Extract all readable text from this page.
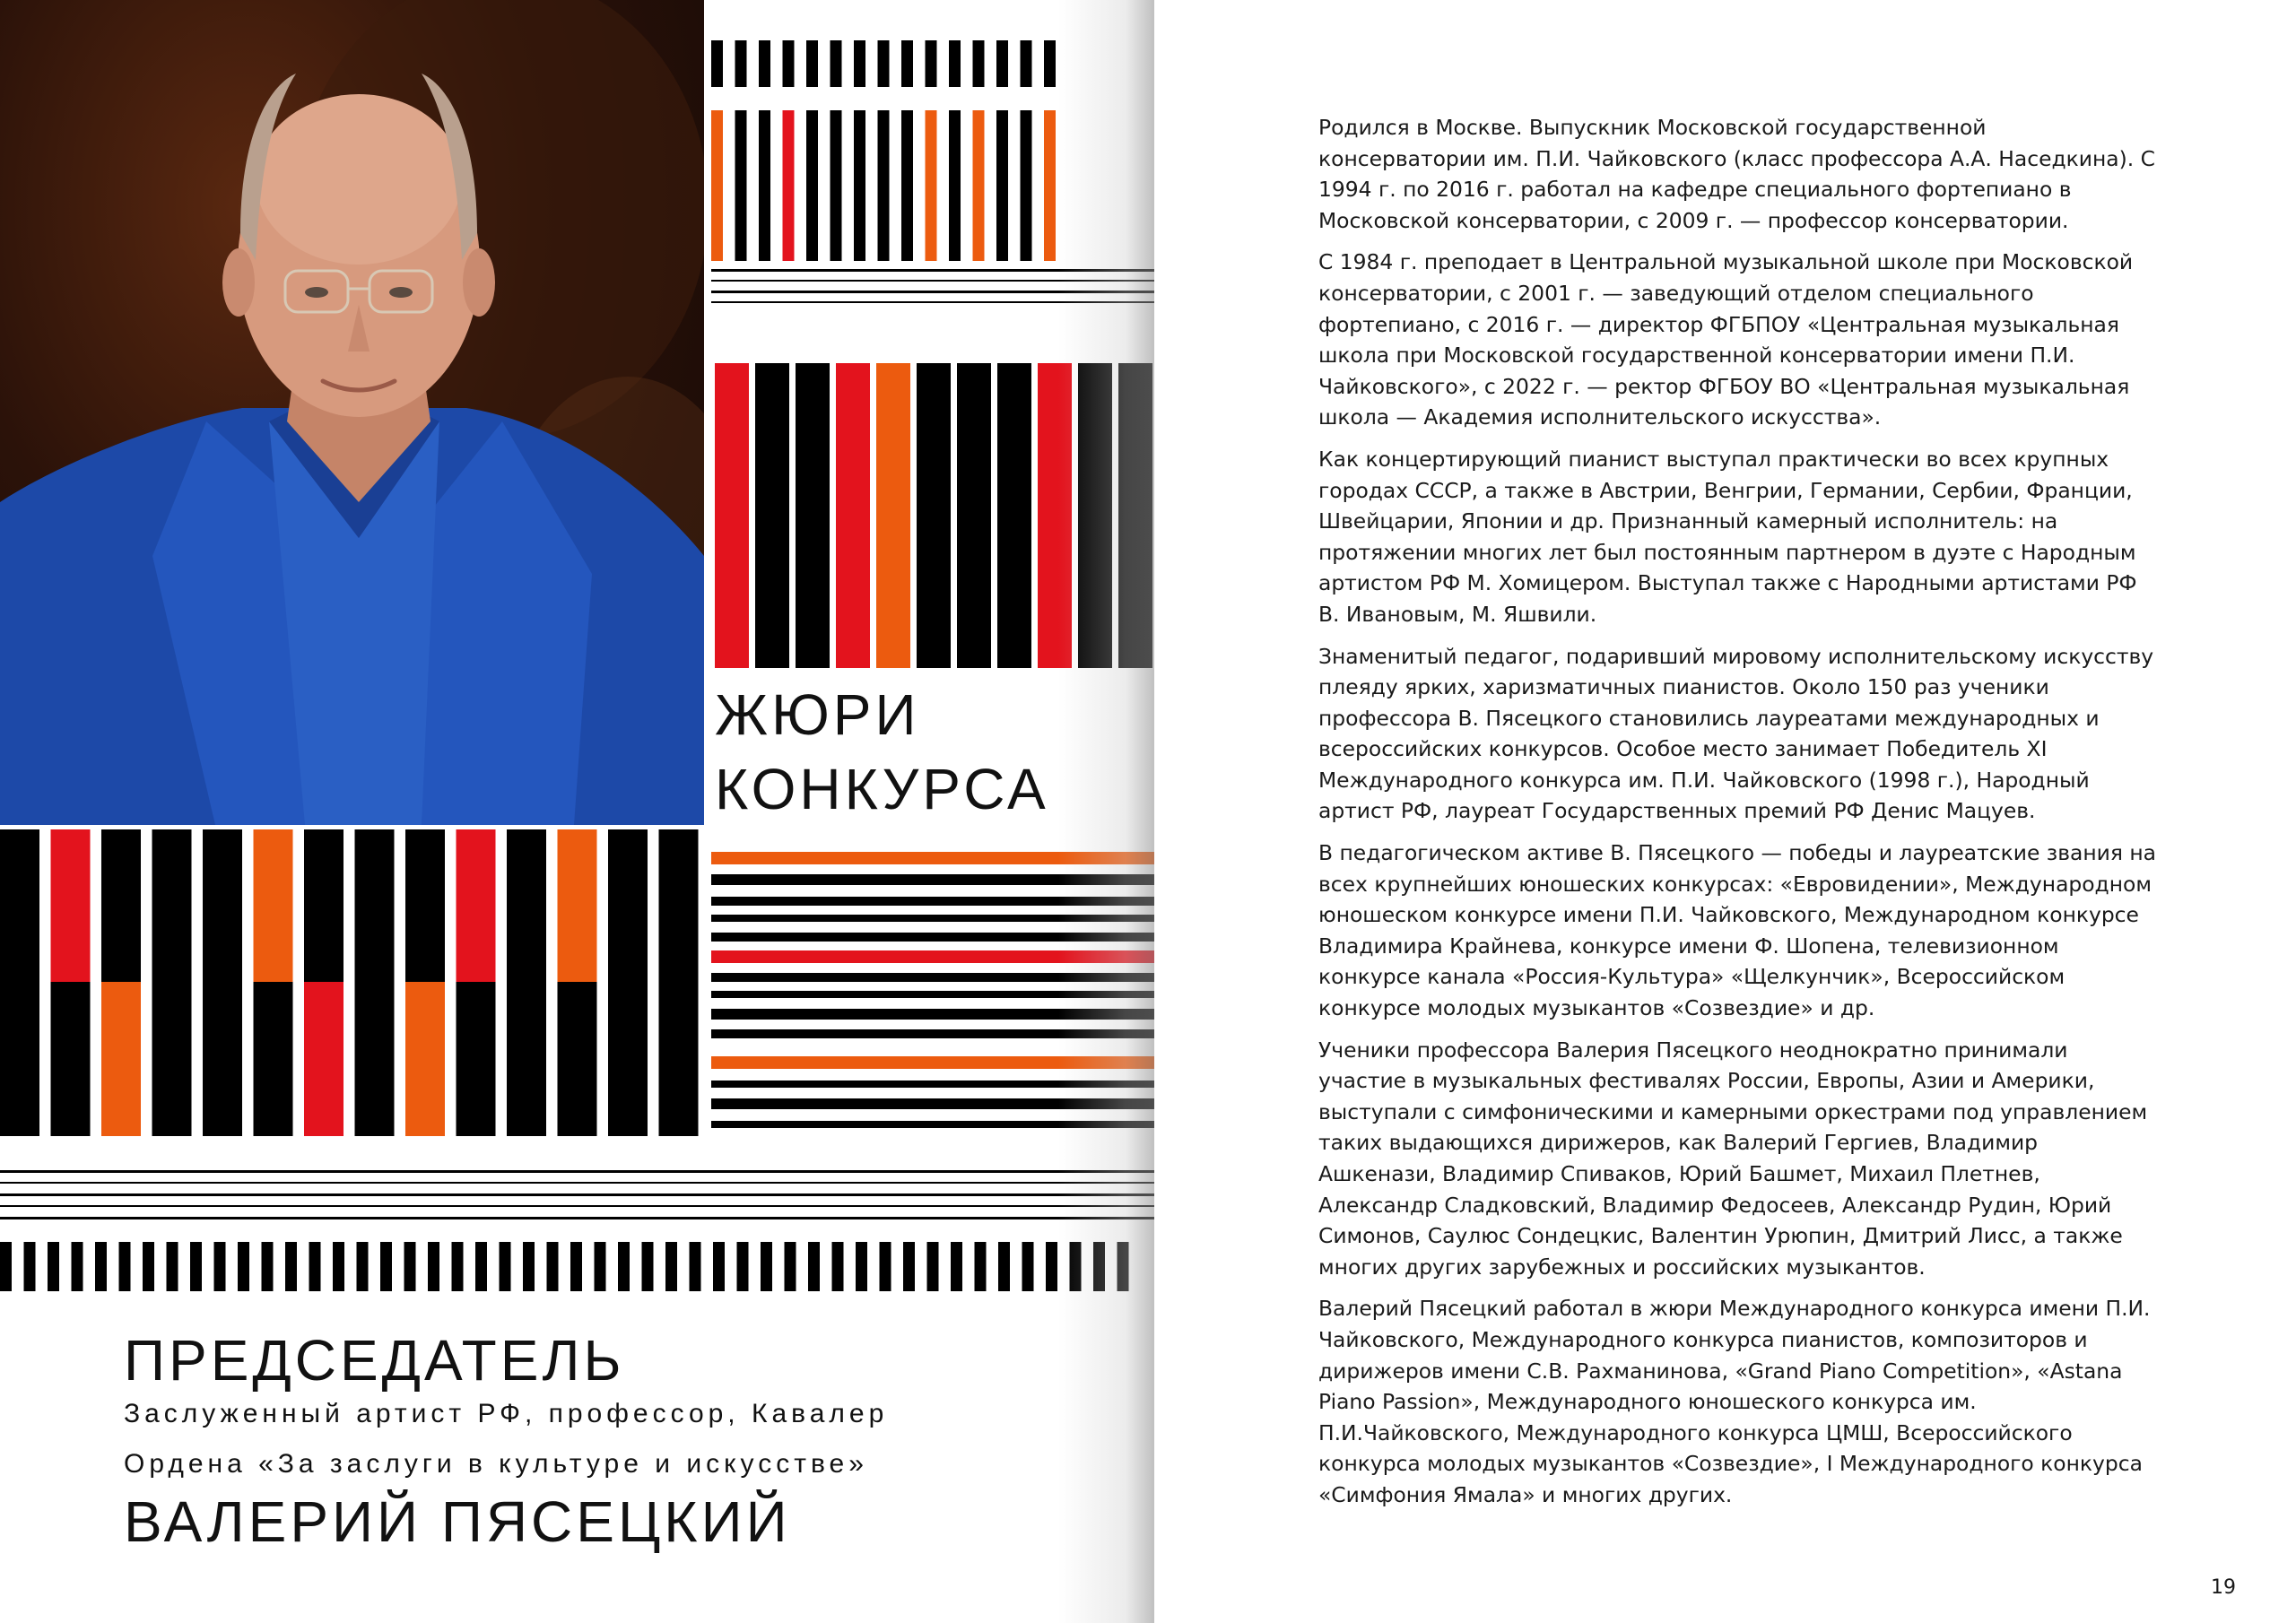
ЖЮРИ
КОНКУРСА
ПРЕДСЕДАТЕЛЬ

Заслуженный артист РФ, профессор, Кавалер

Ордена «За заслуги в культуре и искусстве»

ВАЛЕРИЙ ПЯСЕЦКИЙ

Родился в Москве. Выпускник Московской государственной консерватории им. П.И. Чайковского (класс профессора А.А. Наседкина). С 1994 г. по 2016 г. работал на кафедре специального фортепиано в Московской консерватории, с 2009 г. — профессор консерватории.

С 1984 г. преподает в Центральной музыкальной школе при Московской консерватории, с 2001 г. — заведующий отделом специального фортепиано, с 2016 г. — директор ФГБПОУ «Центральная музыкальная школа при Московской государственной консерватории имени П.И. Чайковского», с 2022 г. — ректор ФГБОУ ВО «Центральная музыкальная школа — Академия исполнительского искусства».

Как концертирующий пианист выступал практически во всех крупных городах СССР, а также в Австрии, Венгрии, Германии, Сербии, Франции, Швейцарии, Японии и др. Признанный камерный исполнитель: на протяжении многих лет был постоянным партнером в дуэте с Народным артистом РФ М. Хомицером. Выступал также с Народными артистами РФ В. Ивановым, М. Яшвили.

Знаменитый педагог, подаривший мировому исполнительскому искусству плеяду ярких, харизматичных пианистов. Около 150 раз ученики профессора В. Пясецкого становились лауреатами международных и всероссийских конкурсов. Особое место занимает Победитель XI Международного конкурса им. П.И. Чайковского (1998 г.), Народный артист РФ, лауреат Государственных премий РФ Денис Мацуев.

В педагогическом активе В. Пясецкого — победы и лауреатские звания на всех крупнейших юношеских конкурсах: «Евровидении», Международном юношеском конкурсе имени П.И. Чайковского, Международном конкурсе Владимира Крайнева, конкурсе имени Ф. Шопена, телевизионном конкурсе канала «Россия-Культура» «Щелкунчик», Всероссийском конкурсе молодых музыкантов «Созвездие» и др.

Ученики профессора Валерия Пясецкого неоднократно принимали участие в музыкальных фестивалях России, Европы, Азии и Америки, выступали с симфоническими и камерными оркестрами под управлением таких выдающихся дирижеров, как Валерий Гергиев, Владимир Ашкенази, Владимир Спиваков, Юрий Башмет, Михаил Плетнев, Александр Сладковский, Владимир Федосеев, Александр Рудин, Юрий Симонов, Саулюс Сондецкис, Валентин Урюпин, Дмитрий Лисс, а также многих других зарубежных и российских музыкантов.

Валерий Пясецкий работал в жюри Международного конкурса имени П.И. Чайковского, Международного конкурса пианистов, композиторов и дирижеров имени С.В. Рахманинова, «Grand Piano Competition», «Astana Piano Passion», Международного юношеского конкурса им. П.И.Чайковского, Международного конкурса ЦМШ, Всероссийского конкурса молодых музыкантов «Созвездие», I Международного конкурса «Симфония Ямала» и многих других.

19
